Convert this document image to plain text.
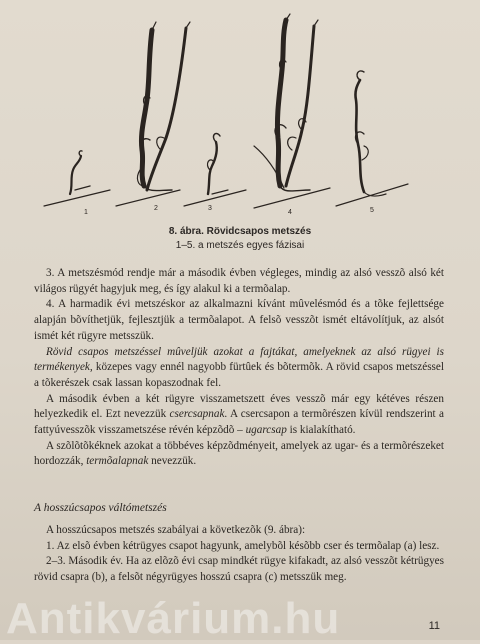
1
2	3
4	5
8. ábra. Rövidcsapos metszés
1–5. a metszés egyes fázisai

3. A metszésmód rendje már a második évben végleges, mindig az alsó vesszõ alsó két világos rügyét hagyjuk meg, és így alakul ki a termõalap.

4. A harmadik évi metszéskor az alkalmazni kívánt mûvelésmód és a tõke fejlettsége alapján bõvíthetjük, fejlesztjük a termõalapot. A felsõ vesszõt ismét eltávolítjuk, az alsót ismét két rügyre metsszük.

Rövid csapos metszéssel mûveljük azokat a fajtákat, amelyeknek az alsó rügyei is termékenyek, közepes vagy ennél nagyobb fürtûek és bõtermõk. A rövid csapos metszéssel a tõkerészek csak lassan kopaszodnak fel.

A második évben a két rügyre visszametszett éves vesszõ már egy kétéves részen helyezkedik el. Ezt nevezzük csercsapnak. A csercsapon a termõrészen kívül rendszerint a fattyúvesszõk visszametszése révén képzõdõ – ugarcsap is kialakítható.

A szõlõtõkéknek azokat a többéves képzõdményeit, amelyek az ugar- és a termõrészeket hordozzák, termõalapnak nevezzük.

A hosszúcsapos váltómetszés

A hosszúcsapos metszés szabályai a következõk (9. ábra):

1. Az elsõ évben kétrügyes csapot hagyunk, amelybõl késõbb cser és termõalap (a) lesz.

2–3. Második év. Ha az elõzõ évi csap mindkét rügye kifakadt, az alsó vesszõt kétrügyes rövid csapra (b), a felsõt négyrügyes hosszú csapra (c) metsszük meg.

Antikvárium.hu	11
